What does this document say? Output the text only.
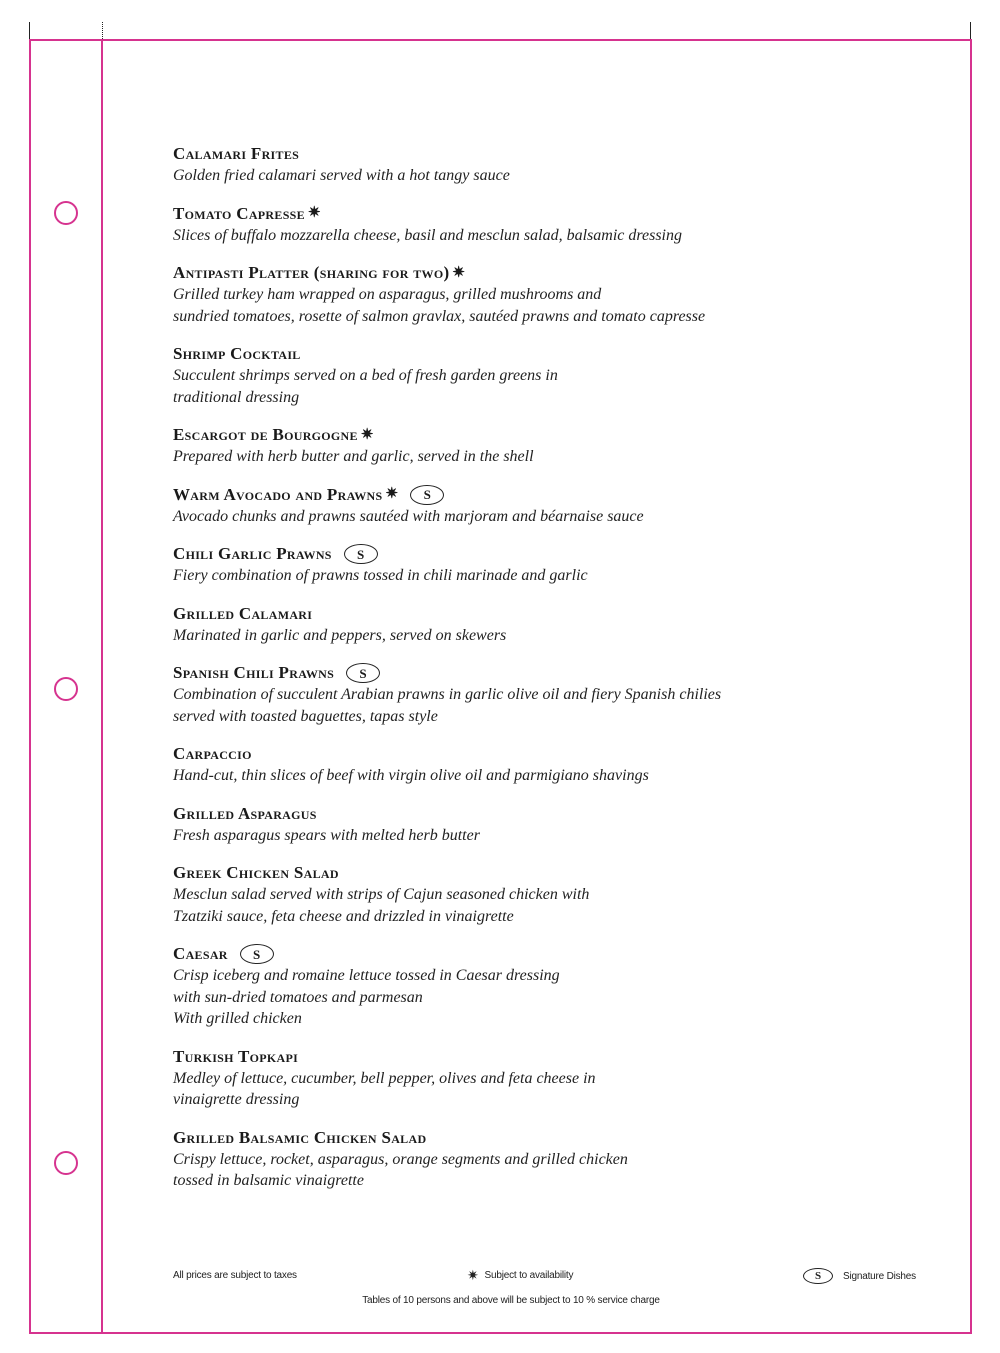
Calamari Frites
Golden fried calamari served with a hot tangy sauce
Tomato Capresse ✷
Slices of buffalo mozzarella cheese, basil and mesclun salad, balsamic dressing
Antipasti Platter (sharing for two) ✷
Grilled turkey ham wrapped on asparagus, grilled mushrooms and
sundried tomatoes, rosette of salmon gravlax, sautéed prawns and tomato capresse
Shrimp Cocktail
Succulent shrimps served on a bed of fresh garden greens in
traditional dressing
Escargot de Bourgogne ✷
Prepared with herb butter and garlic, served in the shell
Warm Avocado and Prawns ✷	S
Avocado chunks and prawns sautéed with marjoram and béarnaise sauce
Chili Garlic Prawns	S
Fiery combination of prawns tossed in chili marinade and garlic
Grilled Calamari
Marinated in garlic and peppers, served on skewers
Spanish Chili Prawns	S
Combination of succulent Arabian prawns in garlic olive oil and fiery Spanish chilies
served with toasted baguettes, tapas style
Carpaccio
Hand-cut, thin slices of beef with virgin olive oil and parmigiano shavings
Grilled Asparagus
Fresh asparagus spears with melted herb butter
Greek Chicken Salad
Mesclun salad served with strips of Cajun seasoned chicken with
Tzatziki sauce, feta cheese and drizzled in vinaigrette
Caesar	S
Crisp iceberg and romaine lettuce tossed in Caesar dressing
with sun-dried tomatoes and parmesan
With grilled chicken
Turkish Topkapi
Medley of lettuce, cucumber, bell pepper, olives and feta cheese in
vinaigrette dressing
Grilled Balsamic Chicken Salad
Crispy lettuce, rocket, asparagus, orange segments and grilled chicken
tossed in balsamic vinaigrette
All prices are subject to taxes	✷ Subject to availability	S	Signature Dishes
Tables of 10 persons and above will be subject to 10 % service charge
